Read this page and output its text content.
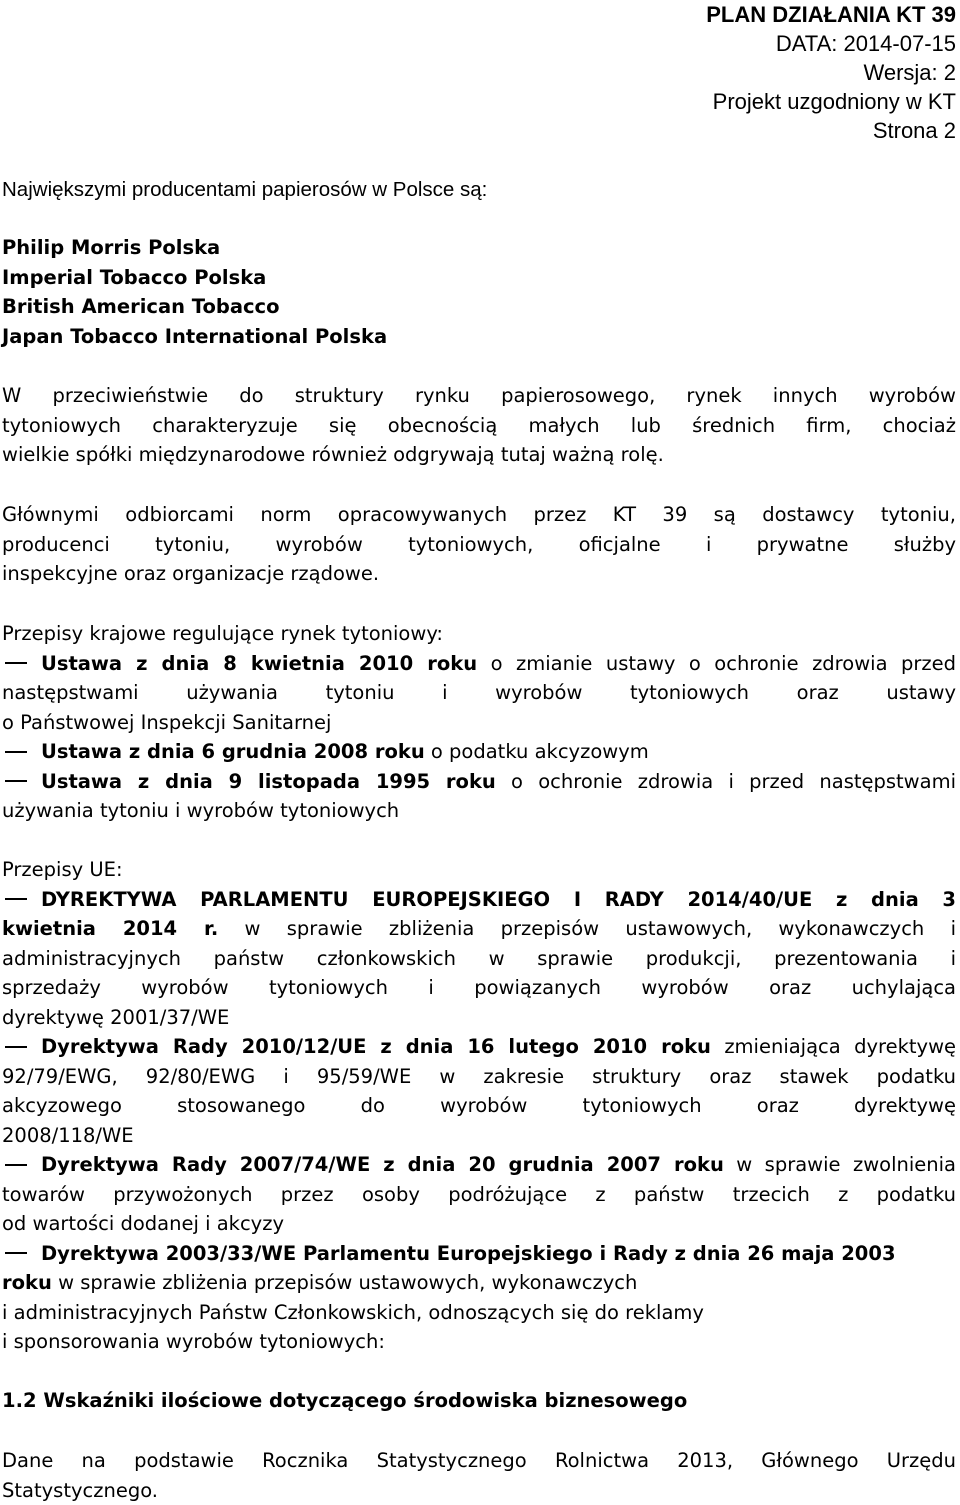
PLAN DZIAŁANIA KT 39
DATA: 2014-07-15
Wersja: 2
Projekt uzgodniony w KT
Strona 2
Największymi producentami papierosów w Polsce są:
Philip Morris Polska
Imperial Tobacco Polska
British American Tobacco
Japan Tobacco International Polska
W przeciwieństwie do struktury rynku papierosowego, rynek innych wyrobów
tytoniowych charakteryzuje się obecnością małych lub średnich firm, chociaż
wielkie spółki międzynarodowe również odgrywają tutaj ważną rolę.
Głównymi odbiorcami norm opracowywanych przez KT 39 są dostawcy tytoniu,
producenci tytoniu, wyrobów tytoniowych, oficjalne i prywatne służby
inspekcyjne oraz organizacje rządowe.
Przepisy krajowe regulujące rynek tytoniowy:
Ustawa z dnia 8 kwietnia 2010 roku o zmianie ustawy o ochronie zdrowia przed
następstwami używania tytoniu i wyrobów tytoniowych oraz ustawy
o Państwowej Inspekcji Sanitarnej
Ustawa z dnia 6 grudnia 2008 roku o podatku akcyzowym
Ustawa z dnia 9 listopada 1995 roku o ochronie zdrowia i przed następstwami
używania tytoniu i wyrobów tytoniowych
Przepisy UE:
DYREKTYWA PARLAMENTU EUROPEJSKIEGO I RADY 2014/40/UE z dnia 3
kwietnia 2014 r. w sprawie zbliżenia przepisów ustawowych, wykonawczych i
administracyjnych państw członkowskich w sprawie produkcji, prezentowania i
sprzedaży wyrobów tytoniowych i powiązanych wyrobów oraz uchylająca
dyrektywę 2001/37/WE
Dyrektywa Rady 2010/12/UE z dnia 16 lutego 2010 roku zmieniająca dyrektywę
92/79/EWG, 92/80/EWG i 95/59/WE w zakresie struktury oraz stawek podatku
akcyzowego stosowanego do wyrobów tytoniowych oraz dyrektywę
2008/118/WE
Dyrektywa Rady 2007/74/WE z dnia 20 grudnia 2007 roku w sprawie zwolnienia
towarów przywożonych przez osoby podróżujące z państw trzecich z podatku
od wartości dodanej i akcyzy
Dyrektywa 2003/33/WE Parlamentu Europejskiego i Rady z dnia 26 maja 2003
roku w sprawie zbliżenia przepisów ustawowych, wykonawczych
i administracyjnych Państw Członkowskich, odnoszących się do reklamy
i sponsorowania wyrobów tytoniowych:
1.2 Wskaźniki ilościowe dotyczącego środowiska biznesowego
Dane na podstawie Rocznika Statystycznego Rolnictwa 2013, Głównego Urzędu
Statystycznego.
